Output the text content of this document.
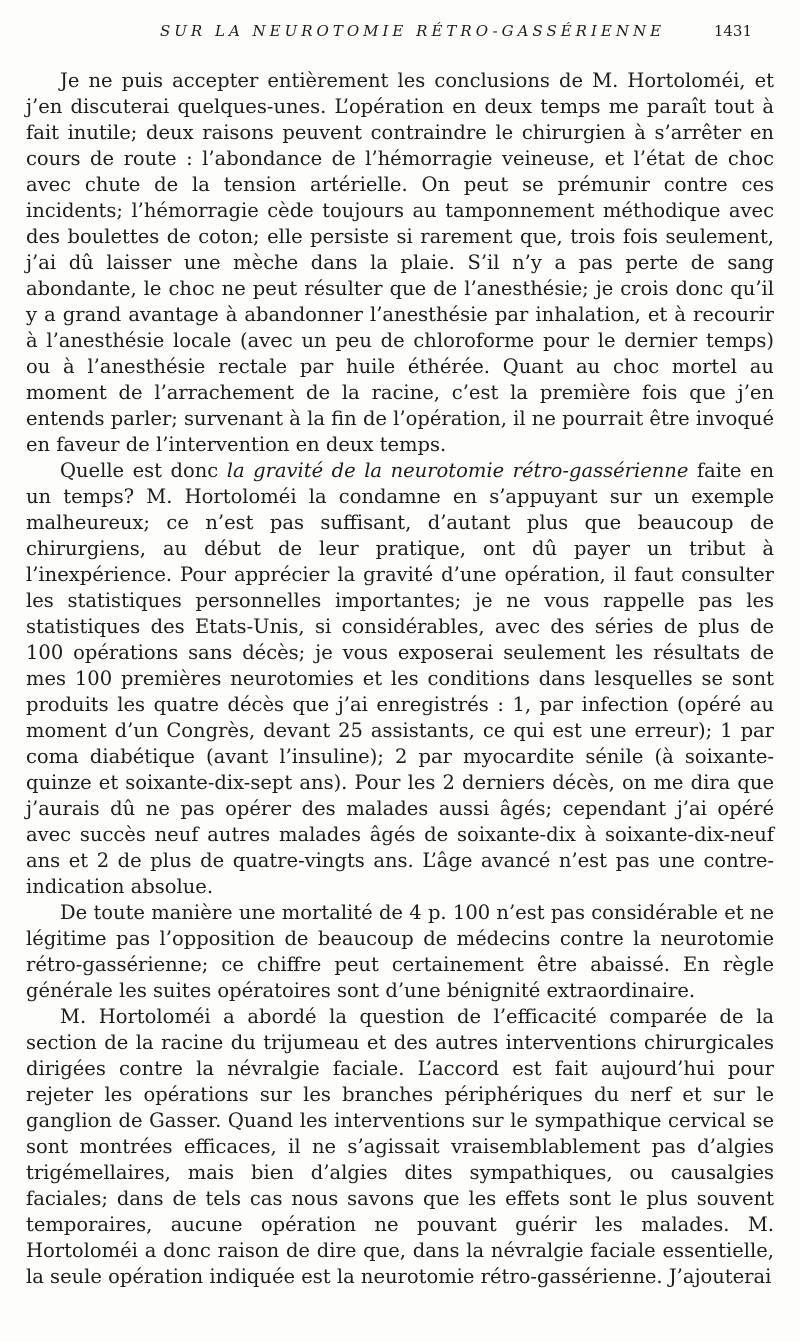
SUR LA NEUROTOMIE RÉTRO-GASSÉRIENNE	1431

Je ne puis accepter entièrement les conclusions de M. Hortoloméi, et j’en discuterai quelques-unes. L’opération en deux temps me paraît tout à fait inutile; deux raisons peuvent contraindre le chirurgien à s’arrêter en cours de route : l’abondance de l’hémorragie veineuse, et l’état de choc avec chute de la tension artérielle. On peut se prémunir contre ces incidents; l’hémorragie cède toujours au tamponnement méthodique avec des boulettes de coton; elle persiste si rarement que, trois fois seulement, j’ai dû laisser une mèche dans la plaie. S’il n’y a pas perte de sang abondante, le choc ne peut résulter que de l’anesthésie; je crois donc qu’il y a grand avantage à abandonner l’anesthésie par inhalation, et à recourir à l’anesthésie locale (avec un peu de chloroforme pour le dernier temps) ou à l’anesthésie rectale par huile éthérée. Quant au choc mortel au moment de l’arrachement de la racine, c’est la première fois que j’en entends parler; survenant à la fin de l’opération, il ne pourrait être invoqué en faveur de l’intervention en deux temps.

Quelle est donc la gravité de la neurotomie rétro-gassérienne faite en un temps? M. Hortoloméi la condamne en s’appuyant sur un exemple malheureux; ce n’est pas suffisant, d’autant plus que beaucoup de chirurgiens, au début de leur pratique, ont dû payer un tribut à l’inexpérience. Pour apprécier la gravité d’une opération, il faut consulter les statistiques personnelles importantes; je ne vous rappelle pas les statistiques des Etats-Unis, si considérables, avec des séries de plus de 100 opérations sans décès; je vous exposerai seulement les résultats de mes 100 premières neurotomies et les conditions dans lesquelles se sont produits les quatre décès que j’ai enregistrés : 1, par infection (opéré au moment d’un Congrès, devant 25 assistants, ce qui est une erreur); 1 par coma diabétique (avant l’insuline); 2 par myocardite sénile (à soixante-quinze et soixante-dix-sept ans). Pour les 2 derniers décès, on me dira que j’aurais dû ne pas opérer des malades aussi âgés; cependant j’ai opéré avec succès neuf autres malades âgés de soixante-dix à soixante-dix-neuf ans et 2 de plus de quatre-vingts ans. L’âge avancé n’est pas une contre-indication absolue.

De toute manière une mortalité de 4 p. 100 n’est pas considérable et ne légitime pas l’opposition de beaucoup de médecins contre la neurotomie rétro-gassérienne; ce chiffre peut certainement être abaissé. En règle générale les suites opératoires sont d’une bénignité extraordinaire.

M. Hortoloméi a abordé la question de l’efficacité comparée de la section de la racine du trijumeau et des autres interventions chirurgicales dirigées contre la névralgie faciale. L’accord est fait aujourd’hui pour rejeter les opérations sur les branches périphériques du nerf et sur le ganglion de Gasser. Quand les interventions sur le sympathique cervical se sont montrées efficaces, il ne s’agissait vraisemblablement pas d’algies trigémellaires, mais bien d’algies dites sympathiques, ou causalgies faciales; dans de tels cas nous savons que les effets sont le plus souvent temporaires, aucune opération ne pouvant guérir les malades. M. Hortoloméi a donc raison de dire que, dans la névralgie faciale essentielle, la seule opération indiquée est la neurotomie rétro-gassérienne. J’ajouterai
